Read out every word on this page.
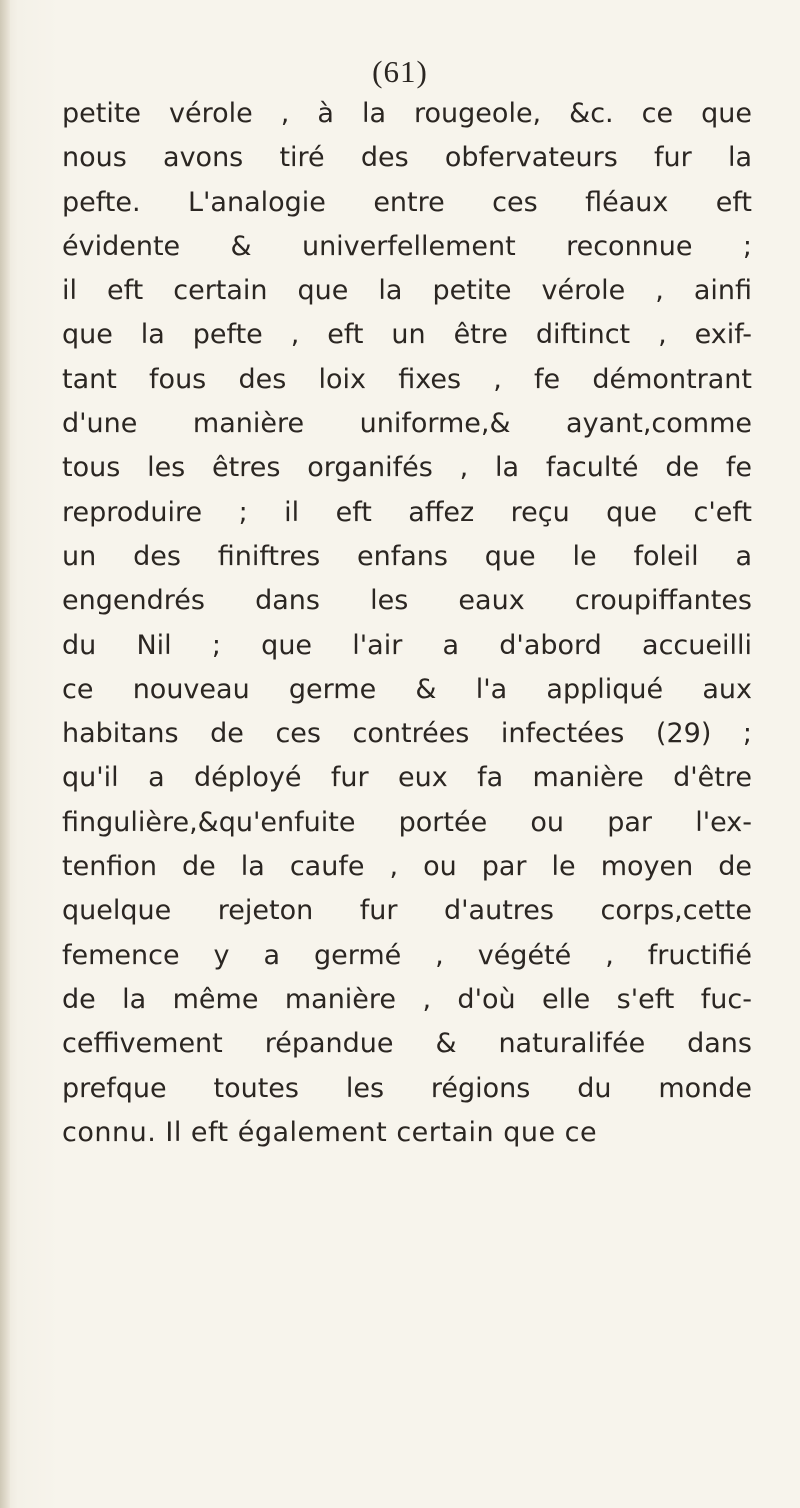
(61)
petite vérole , à la rougeole, &c. ce que
nous avons tiré des obfervateurs fur la
pefte. L'analogie entre ces fléaux eft
évidente & univerfellement reconnue ;
il eft certain que la petite vérole , ainfi
que la pefte , eft un être diftinct , exif-
tant fous des loix fixes , fe démontrant
d'une manière uniforme,& ayant,comme
tous les êtres organifés , la faculté de fe
reproduire ; il eft affez reçu que c'eft
un des finiftres enfans que le foleil a
engendrés dans les eaux croupiffantes
du Nil ; que l'air a d'abord accueilli
ce nouveau germe & l'a appliqué aux
habitans de ces contrées infectées (29) ;
qu'il a déployé fur eux fa manière d'être
fingulière,&qu'enfuite portée ou par l'ex-
tenfion de la caufe , ou par le moyen de
quelque rejeton fur d'autres corps,cette
femence y a germé , végété , fructifié
de la même manière , d'où elle s'eft fuc-
ceffivement répandue & naturalifée dans
prefque toutes les régions du monde
connu. Il eft également certain que ce
